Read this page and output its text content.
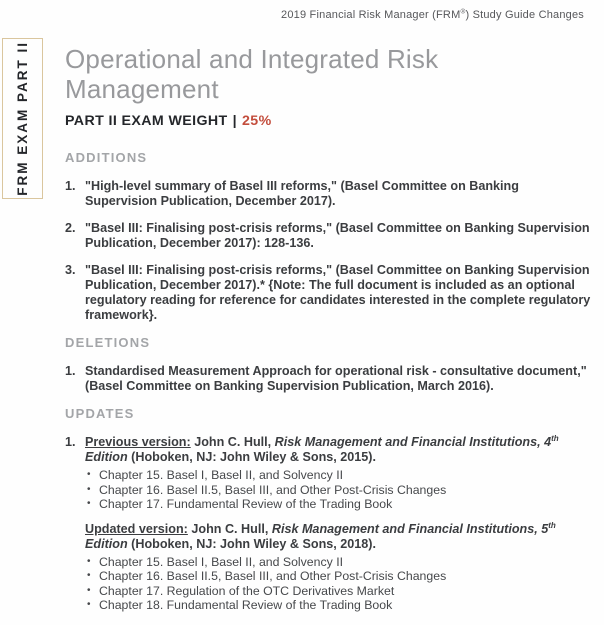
2019 Financial Risk Manager (FRM®) Study Guide Changes
FRM EXAM PART II Operational and Integrated Risk Management
PART II EXAM WEIGHT | 25%
ADDITIONS
1. "High-level summary of Basel III reforms," (Basel Committee on Banking Supervision Publication, December 2017).
2. "Basel III: Finalising post-crisis reforms," (Basel Committee on Banking Supervision Publication, December 2017): 128-136.
3. "Basel III: Finalising post-crisis reforms," (Basel Committee on Banking Supervision Publication, December 2017).* {Note: The full document is included as an optional regulatory reading for reference for candidates interested in the complete regulatory framework}.
DELETIONS
1. Standardised Measurement Approach for operational risk - consultative document," (Basel Committee on Banking Supervision Publication, March 2016).
UPDATES
1. Previous version: John C. Hull, Risk Management and Financial Institutions, 4th Edition (Hoboken, NJ: John Wiley & Sons, 2015).

• Chapter 15. Basel I, Basel II, and Solvency II
• Chapter 16. Basel II.5, Basel III, and Other Post-Crisis Changes
• Chapter 17. Fundamental Review of the Trading Book

Updated version: John C. Hull, Risk Management and Financial Institutions, 5th Edition (Hoboken, NJ: John Wiley & Sons, 2018).

• Chapter 15. Basel I, Basel II, and Solvency II
• Chapter 16. Basel II.5, Basel III, and Other Post-Crisis Changes
• Chapter 17. Regulation of the OTC Derivatives Market
• Chapter 18. Fundamental Review of the Trading Book
